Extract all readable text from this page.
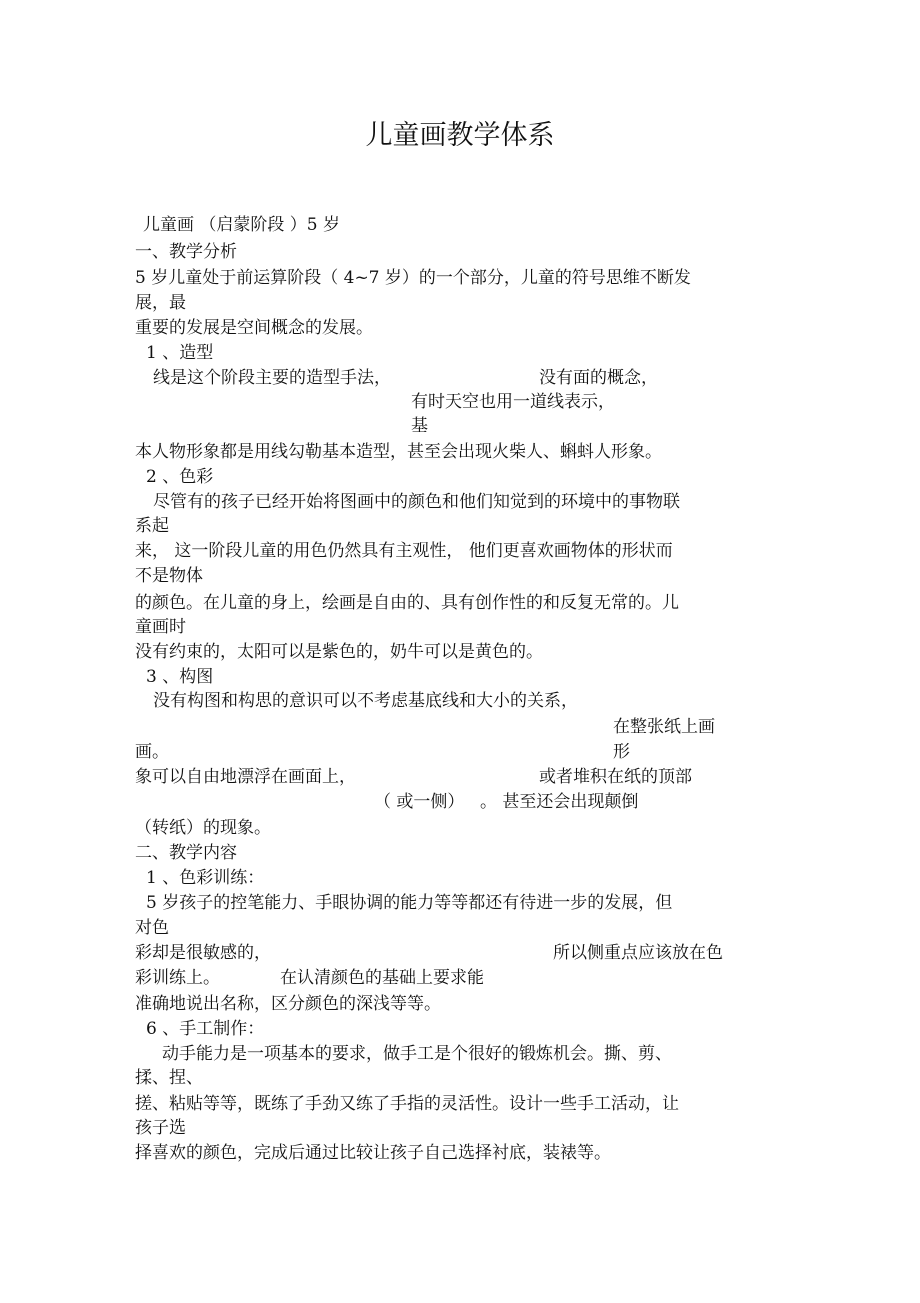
儿童画教学体系
儿童画 （启蒙阶段 ）5 岁
一、教学分析
5 岁儿童处于前运算阶段（ 4~7 岁）的一个部分，儿童的符号思维不断发
展，最
重要的发展是空间概念的发展。
1 、造型
线是这个阶段主要的造型手法，	没有面的概念，
有时天空也用一道线表示，
基
本人物形象都是用线勾勒基本造型，甚至会出现火柴人、蝌蚪人形象。
2 、色彩
尽管有的孩子已经开始将图画中的颜色和他们知觉到的环境中的事物联
系起
来， 这一阶段儿童的用色仍然具有主观性， 他们更喜欢画物体的形状而
不是物体
的颜色。在儿童的身上，绘画是自由的、具有创作性的和反复无常的。儿
童画时
没有约束的，太阳可以是紫色的，奶牛可以是黄色的。
3 、构图
没有构图和构思的意识可以不考虑基底线和大小的关系，
在整张纸上画
画。	形
象可以自由地漂浮在画面上，	或者堆积在纸的顶部
（ 或一侧） 。 甚至还会出现颠倒
（转纸）的现象。
二、教学内容
1 、色彩训练：
5 岁孩子的控笔能力、手眼协调的能力等等都还有待进一步的发展，但
对色
彩却是很敏感的，	所以侧重点应该放在色
彩训练上。	在认清颜色的基础上要求能
准确地说出名称，区分颜色的深浅等等。
6 、手工制作：
动手能力是一项基本的要求，做手工是个很好的锻炼机会。撕、剪、
揉、捏、
搓、粘贴等等，既练了手劲又练了手指的灵活性。设计一些手工活动，让
孩子选
择喜欢的颜色，完成后通过比较让孩子自己选择衬底，装裱等。
